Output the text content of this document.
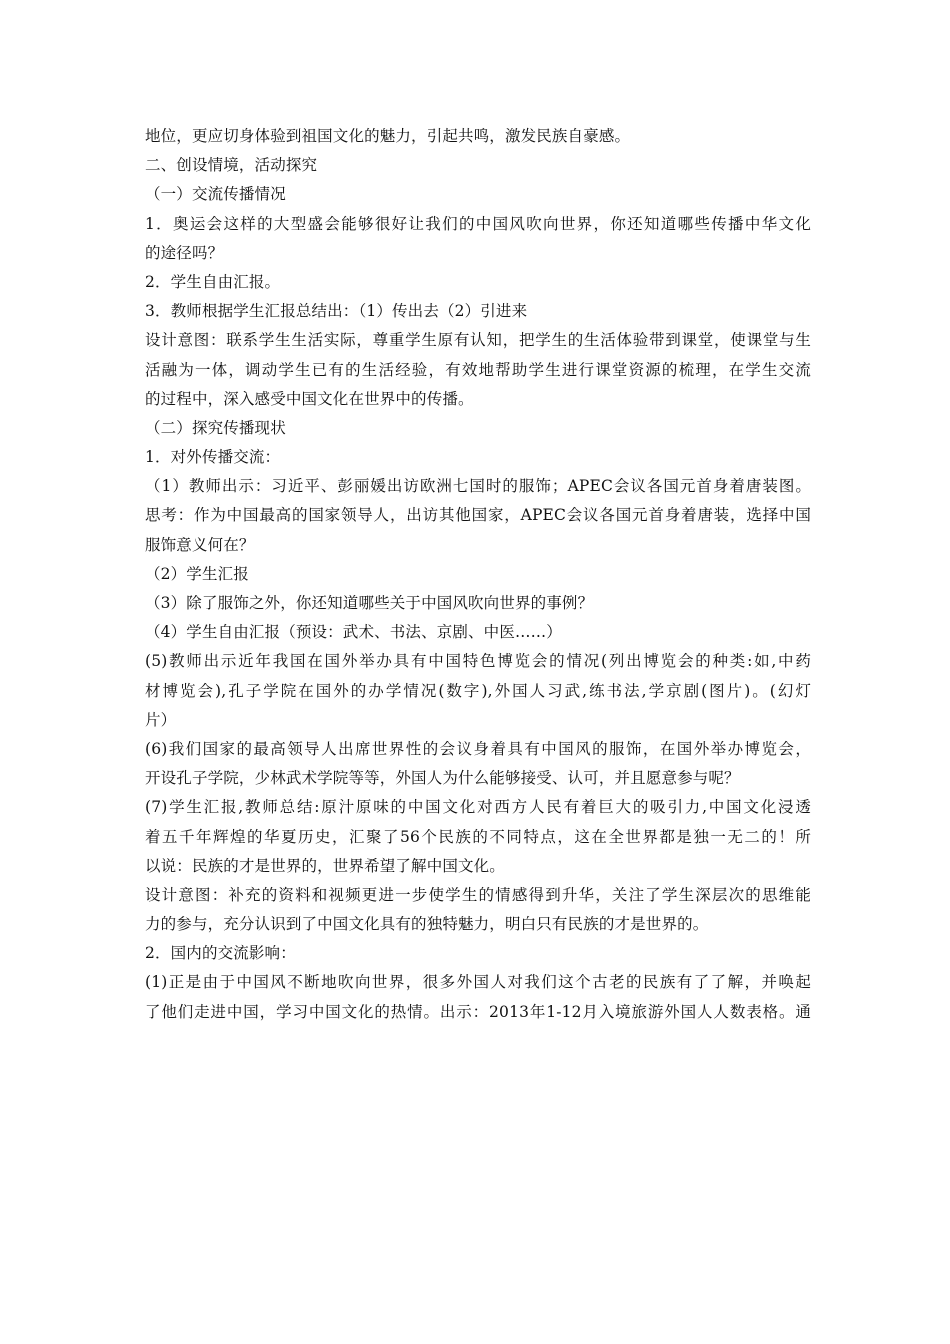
地位，更应切身体验到祖国文化的魅力，引起共鸣，激发民族自豪感。
二、创设情境，活动探究
（一）交流传播情况
1．奥运会这样的大型盛会能够很好让我们的中国风吹向世界，你还知道哪些传播中华文化
的途径吗？
2．学生自由汇报。
3．教师根据学生汇报总结出：（1）传出去（2）引进来
设计意图：联系学生生活实际，尊重学生原有认知，把学生的生活体验带到课堂，使课堂与生
活融为一体，调动学生已有的生活经验，有效地帮助学生进行课堂资源的梳理，在学生交流
的过程中，深入感受中国文化在世界中的传播。
（二）探究传播现状
1．对外传播交流：
（1）教师出示：习近平、彭丽媛出访欧洲七国时的服饰；APEC会议各国元首身着唐装图。
思考：作为中国最高的国家领导人，出访其他国家，APEC会议各国元首身着唐装，选择中国
服饰意义何在？
（2）学生汇报
（3）除了服饰之外，你还知道哪些关于中国风吹向世界的事例？
（4）学生自由汇报（预设：武术、书法、京剧、中医……）
(5)教师出示近年我国在国外举办具有中国特色博览会的情况(列出博览会的种类:如,中药
材博览会),孔子学院在国外的办学情况(数字),外国人习武,练书法,学京剧(图片)。(幻灯
片）
(6)我们国家的最高领导人出席世界性的会议身着具有中国风的服饰，在国外举办博览会，
开设孔子学院，少林武术学院等等，外国人为什么能够接受、认可，并且愿意参与呢？
(7)学生汇报,教师总结:原汁原味的中国文化对西方人民有着巨大的吸引力,中国文化浸透
着五千年辉煌的华夏历史，汇聚了56个民族的不同特点，这在全世界都是独一无二的！所
以说：民族的才是世界的，世界希望了解中国文化。
设计意图：补充的资料和视频更进一步使学生的情感得到升华，关注了学生深层次的思维能
力的参与，充分认识到了中国文化具有的独特魅力，明白只有民族的才是世界的。
2．国内的交流影响：
(1)正是由于中国风不断地吹向世界，很多外国人对我们这个古老的民族有了了解，并唤起
了他们走进中国，学习中国文化的热情。出示：2013年1-12月入境旅游外国人人数表格。通
